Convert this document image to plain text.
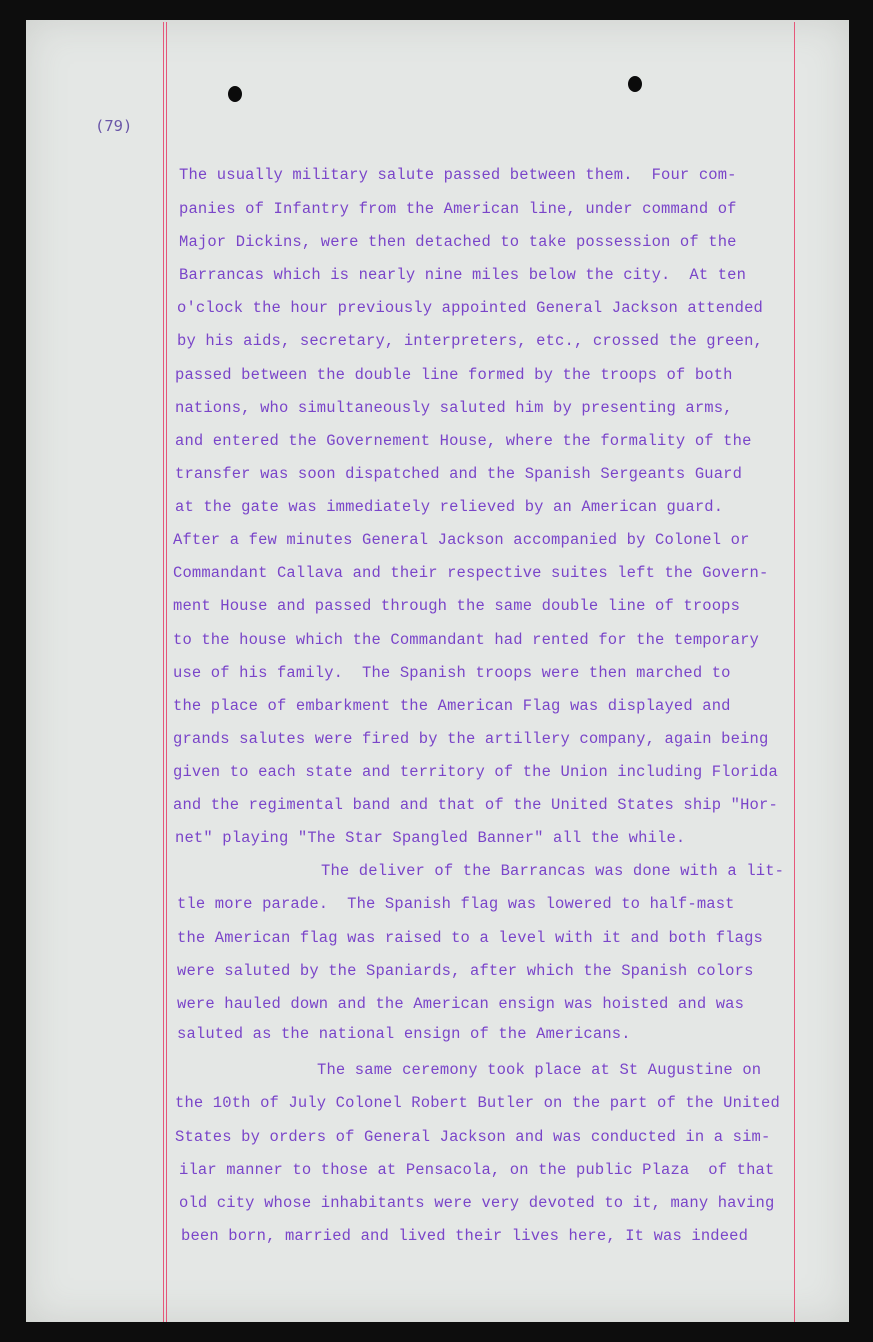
(79)
The usually military salute passed between them.  Four com-
panies of Infantry from the American line, under command of
Major Dickins, were then detached to take possession of the
Barrancas which is nearly nine miles below the city.  At ten
o'clock the hour previously appointed General Jackson attended
by his aids, secretary, interpreters, etc., crossed the green,
passed between the double line formed by the troops of both
nations, who simultaneously saluted him by presenting arms,
and entered the Governement House, where the formality of the
transfer was soon dispatched and the Spanish Sergeants Guard
at the gate was immediately relieved by an American guard.
After a few minutes General Jackson accompanied by Colonel or
Commandant Callava and their respective suites left the Govern-
ment House and passed through the same double line of troops
to the house which the Commandant had rented for the temporary
use of his family.  The Spanish troops were then marched to
the place of embarkment the American Flag was displayed and
grands salutes were fired by the artillery company, again being
given to each state and territory of the Union including Florida
and the regimental band and that of the United States ship "Hor-
net" playing "The Star Spangled Banner" all the while.
The deliver of the Barrancas was done with a lit-
tle more parade.  The Spanish flag was lowered to half-mast
the American flag was raised to a level with it and both flags
were saluted by the Spaniards, after which the Spanish colors
were hauled down and the American ensign was hoisted and was
saluted as the national ensign of the Americans.
The same ceremony took place at St Augustine on
the 10th of July Colonel Robert Butler on the part of the United
States by orders of General Jackson and was conducted in a sim-
ilar manner to those at Pensacola, on the public Plaza  of that
old city whose inhabitants were very devoted to it, many having
been born, married and lived their lives here, It was indeed
